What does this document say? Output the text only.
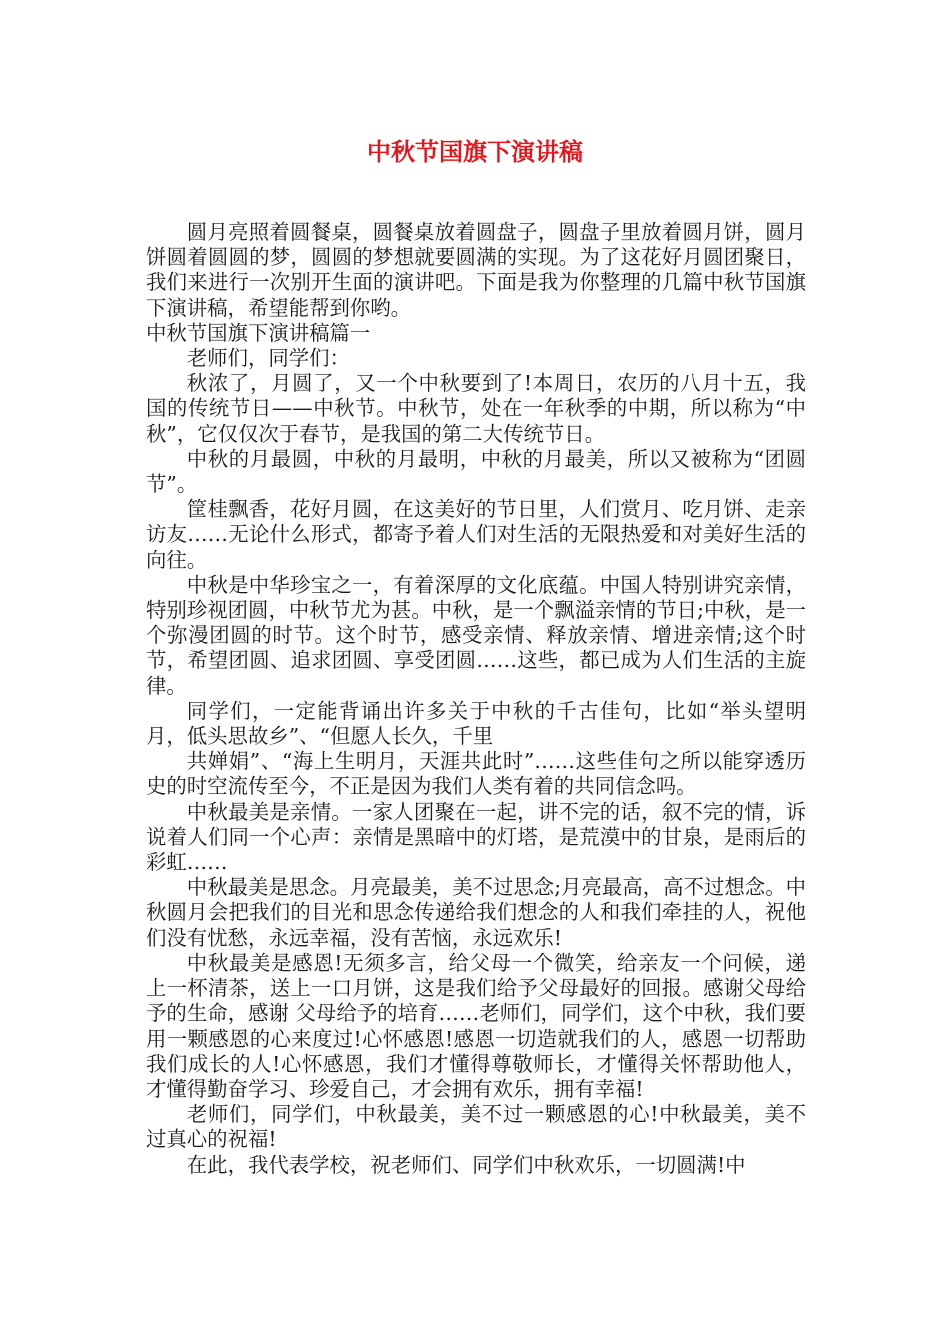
中秋节国旗下演讲稿

圆月亮照着圆餐桌，圆餐桌放着圆盘子，圆盘子里放着圆月饼，圆月饼圆着圆圆的梦，圆圆的梦想就要圆满的实现。为了这花好月圆团聚日，我们来进行一次别开生面的演讲吧。下面是我为你整理的几篇中秋节国旗下演讲稿，希望能帮到你哟。

中秋节国旗下演讲稿篇一

老师们，同学们：

秋浓了，月圆了，又一个中秋要到了!本周日，农历的八月十五，我国的传统节日——中秋节。中秋节，处在一年秋季的中期，所以称为“中秋”，它仅仅次于春节，是我国的第二大传统节日。

中秋的月最圆，中秋的月最明，中秋的月最美，所以又被称为“团圆节”。

筐桂飘香，花好月圆，在这美好的节日里，人们赏月、吃月饼、走亲访友……无论什么形式，都寄予着人们对生活的无限热爱和对美好生活的向往。

中秋是中华珍宝之一，有着深厚的文化底蕴。中国人特别讲究亲情，特别珍视团圆，中秋节尤为甚。中秋，是一个飘溢亲情的节日;中秋，是一个弥漫团圆的时节。这个时节，感受亲情、释放亲情、增进亲情;这个时节，希望团圆、追求团圆、享受团圆……这些，都已成为人们生活的主旋律。

同学们，一定能背诵出许多关于中秋的千古佳句，比如“举头望明月，低头思故乡”、“但愿人长久，千里

共婵娟”、“海上生明月，天涯共此时”……这些佳句之所以能穿透历史的时空流传至今，不正是因为我们人类有着的共同信念吗。

中秋最美是亲情。一家人团聚在一起，讲不完的话，叙不完的情，诉说着人们同一个心声：亲情是黑暗中的灯塔，是荒漠中的甘泉，是雨后的彩虹……

中秋最美是思念。月亮最美，美不过思念;月亮最高，高不过想念。中秋圆月会把我们的目光和思念传递给我们想念的人和我们牵挂的人，祝他们没有忧愁，永远幸福，没有苦恼，永远欢乐!

中秋最美是感恩!无须多言，给父母一个微笑，给亲友一个问候，递上一杯清茶，送上一口月饼，这是我们给予父母最好的回报。感谢父母给予的生命，感谢 父母给予的培育……老师们，同学们，这个中秋，我们要用一颗感恩的心来度过!心怀感恩!感恩一切造就我们的人，感恩一切帮助我们成长的人!心怀感恩，我们才懂得尊敬师长，才懂得关怀帮助他人，才懂得勤奋学习、珍爱自己，才会拥有欢乐，拥有幸福!

老师们，同学们，中秋最美，美不过一颗感恩的心!中秋最美，美不过真心的祝福!

在此，我代表学校，祝老师们、同学们中秋欢乐，一切圆满!中
